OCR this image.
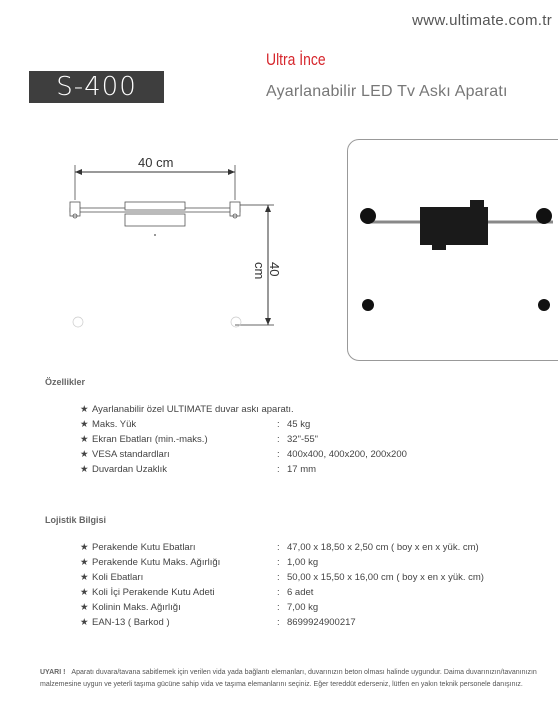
www.ultimate.com.tr
S-400
Ultra İnce
Ayarlanabilir LED Tv Askı Aparatı
40 cm
40 cm
Özellikler
★ Ayarlanabilir özel ULTIMATE duvar askı aparatı.
★ Maks. Yük	: 45 kg
★ Ekran Ebatları (min.-maks.)	: 32"-55"
★ VESA standardları	: 400x400, 400x200, 200x200
★ Duvardan Uzaklık	: 17 mm
Lojistik Bilgisi
★ Perakende Kutu Ebatları	: 47,00 x 18,50 x 2,50 cm ( boy x en x yük. cm)
★ Perakende Kutu Maks. Ağırlığı	: 1,00 kg
★ Koli Ebatları	: 50,00 x 15,50 x 16,00 cm ( boy x en x yük. cm)
★ Koli İçi Perakende Kutu Adeti	: 6 adet
★ Kolinin Maks. Ağırlığı	: 7,00 kg
★ EAN-13 ( Barkod )	: 8699924900217
UYARI ! Aparatı duvara/tavana sabitlemek için verilen vida yada bağlantı elemanları, duvarınızın beton olması halinde uygundur. Daima duvarınızın/tavanınızın malzemesine uygun ve yeterli taşıma gücüne sahip vida ve taşıma elemanlarını seçiniz. Eğer tereddüt ederseniz, lütfen en yakın teknik personele danışınız.
